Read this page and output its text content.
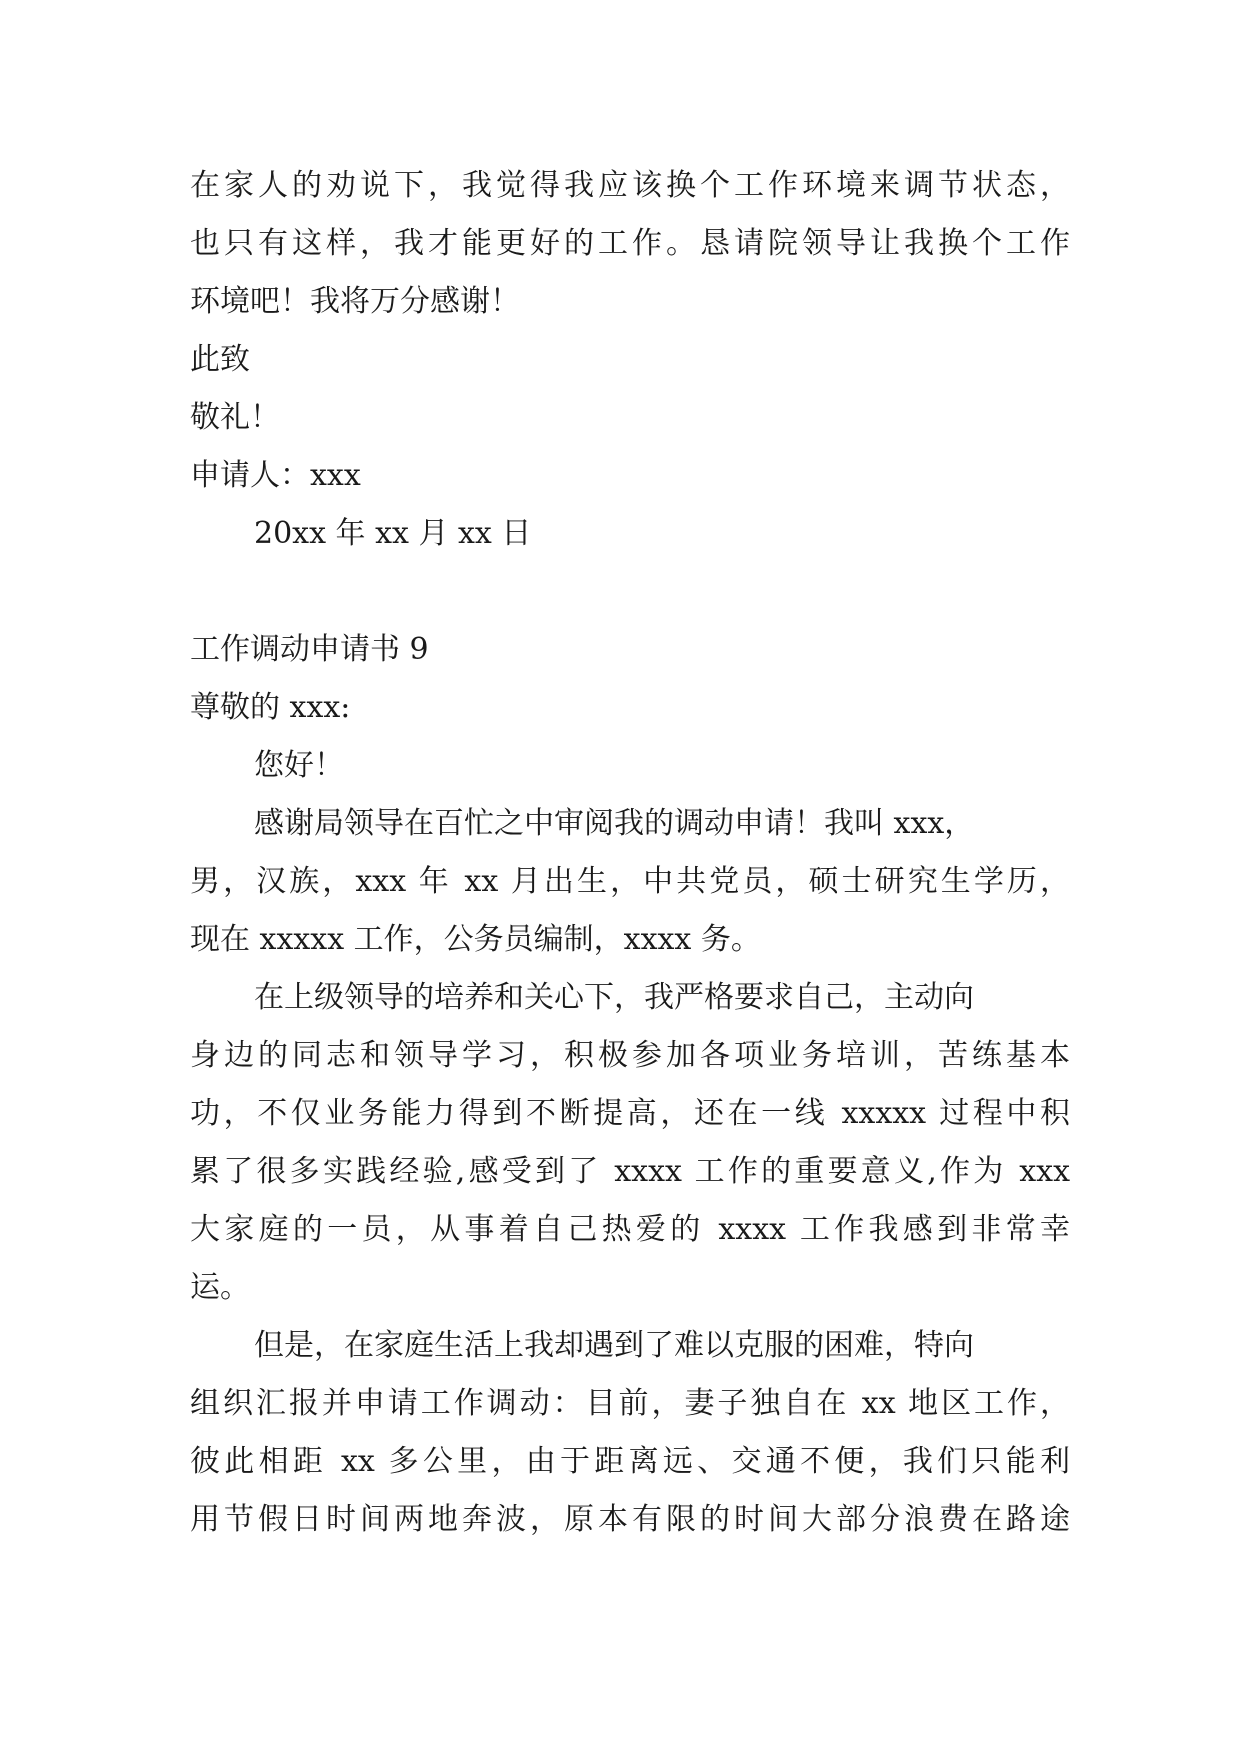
在家人的劝说下，我觉得我应该换个工作环境来调节状态，
也只有这样，我才能更好的工作。恳请院领导让我换个工作
环境吧！我将万分感谢！
此致
敬礼！
申请人：xxx
20xx 年 xx 月 xx 日
工作调动申请书 9
尊敬的 xxx:
您好！
感谢局领导在百忙之中审阅我的调动申请！我叫 xxx，
男，汉族，xxx 年 xx 月出生，中共党员，硕士研究生学历，
现在 xxxxx 工作，公务员编制，xxxx 务。
在上级领导的培养和关心下，我严格要求自己，主动向
身边的同志和领导学习，积极参加各项业务培训，苦练基本
功，不仅业务能力得到不断提高，还在一线 xxxxx 过程中积
累了很多实践经验,感受到了 xxxx 工作的重要意义,作为 xxx
大家庭的一员，从事着自己热爱的 xxxx 工作我感到非常幸
运。
但是，在家庭生活上我却遇到了难以克服的困难，特向
组织汇报并申请工作调动：目前，妻子独自在 xx 地区工作，
彼此相距 xx 多公里，由于距离远、交通不便，我们只能利
用节假日时间两地奔波，原本有限的时间大部分浪费在路途
